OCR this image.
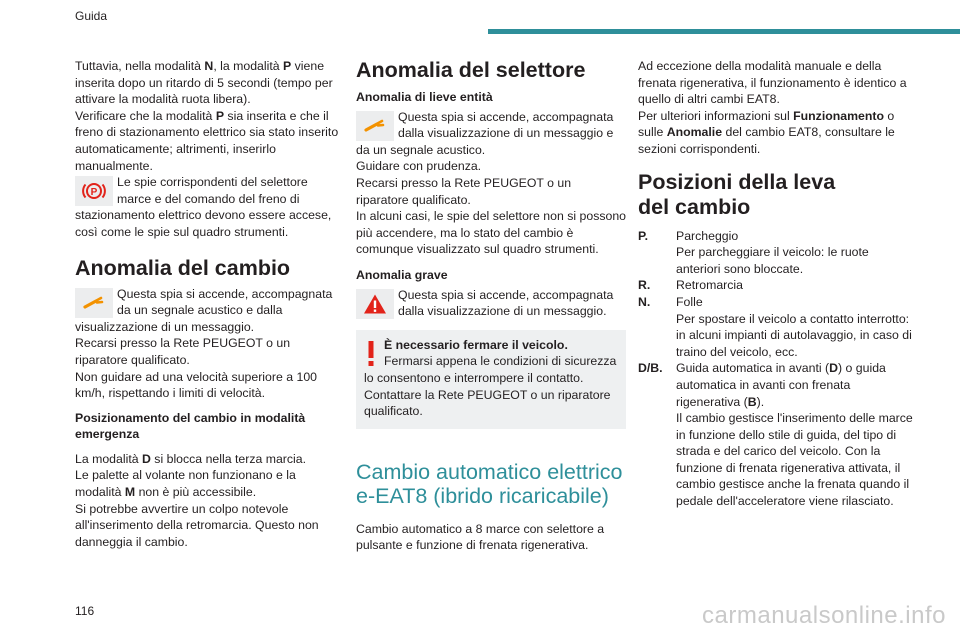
Guida

Tuttavia, nella modalità N, la modalità P viene inserita dopo un ritardo di 5 secondi (tempo per attivare la modalità ruota libera).

Verificare che la modalità P sia inserita e che il freno di stazionamento elettrico sia stato inserito automaticamente; altrimenti, inserirlo manualmente.

P

Le spie corrispondenti del selettore marce e del comando del freno di stazionamento elettrico devono essere accese, così come le spie sul quadro strumenti.

Anomalia del cambio

Questa spia si accende, accompagnata da un segnale acustico e dalla visualizzazione di un messaggio.

Recarsi presso la Rete PEUGEOT o un riparatore qualificato.

Non guidare ad una velocità superiore a 100 km/h, rispettando i limiti di velocità.

Posizionamento del cambio in modalità emergenza

La modalità D si blocca nella terza marcia.

Le palette al volante non funzionano e la modalità M non è più accessibile.

Si potrebbe avvertire un colpo notevole all'inserimento della retromarcia. Questo non danneggia il cambio.

Anomalia del selettore
Anomalia di lieve entità

Questa spia si accende, accompagnata dalla visualizzazione di un messaggio e da un segnale acustico.

Guidare con prudenza.

Recarsi presso la Rete PEUGEOT o un riparatore qualificato.

In alcuni casi, le spie del selettore non si possono più accendere, ma lo stato del cambio è comunque visualizzato sul quadro strumenti.

Anomalia grave

Questa spia si accende, accompagnata dalla visualizzazione di un messaggio.

È necessario fermare il veicolo.

Fermarsi appena le condizioni di sicurezza lo consentono e interrompere il contatto.

Contattare la Rete PEUGEOT o un riparatore qualificato.

Cambio automatico elettrico e-EAT8 (ibrido ricaricabile)

Cambio automatico a 8 marce con selettore a pulsante e funzione di frenata rigenerativa.

Ad eccezione della modalità manuale e della frenata rigenerativa, il funzionamento è identico a quello di altri cambi EAT8.

Per ulteriori informazioni sul Funzionamento o sulle Anomalie del cambio EAT8, consultare le sezioni corrispondenti.

Posizioni della leva del cambio
P.	Parcheggio

Per parcheggiare il veicolo: le ruote anteriori sono bloccate.

R.	Retromarcia

N.	Folle

Per spostare il veicolo a contatto interrotto: in alcuni impianti di autolavaggio, in caso di traino del veicolo, ecc.

D/B.	Guida automatica in avanti (D) o guida automatica in avanti con frenata rigenerativa (B).

Il cambio gestisce l'inserimento delle marce in funzione dello stile di guida, del tipo di strada e del carico del veicolo. Con la funzione di frenata rigenerativa attivata, il cambio gestisce anche la frenata quando il pedale dell'acceleratore viene rilasciato.

116	carmanualsonline.info
